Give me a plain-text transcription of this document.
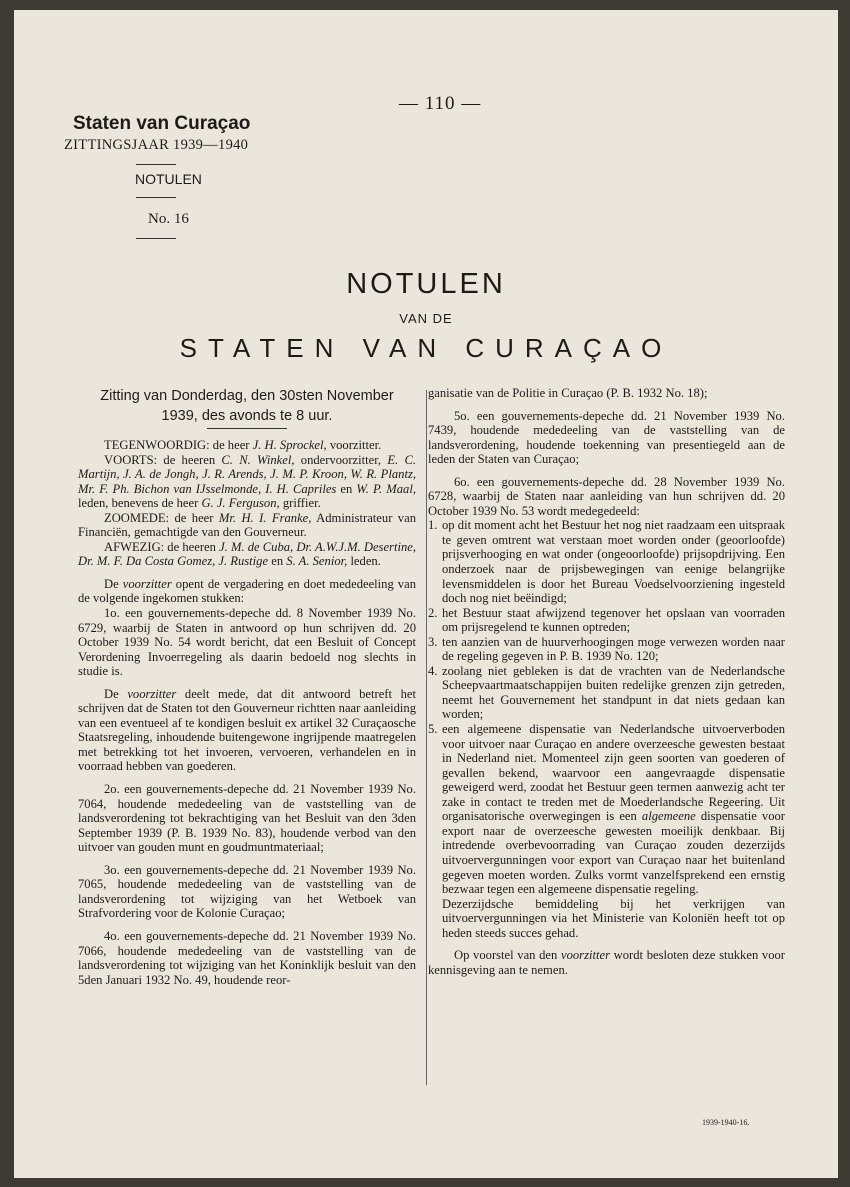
— 110 —
Staten van Curaçao
ZITTINGSJAAR 1939—1940
NOTULEN
No. 16
NOTULEN
VAN DE
STATEN VAN CURAÇAO
Zitting van Donderdag, den 30sten November
1939, des avonds te 8 uur.

TEGENWOORDIG: de heer J. H. Sprockel, voorzitter.

VOORTS: de heeren C. N. Winkel, ondervoorzitter, E. C. Martijn, J. A. de Jongh, J. R. Arends, J. M. P. Kroon, W. R. Plantz, Mr. F. Ph. Bichon van IJsselmonde, I. H. Capriles en W. P. Maal, leden, benevens de heer G. J. Ferguson, griffier.

ZOOMEDE: de heer Mr. H. I. Franke, Administrateur van Financiën, gemachtigde van den Gouverneur.

AFWEZIG: de heeren J. M. de Cuba, Dr. A.W.J.M. Desertine, Dr. M. F. Da Costa Gomez, J. Rustige en S. A. Senior, leden.

De voorzitter opent de vergadering en doet mededeeling van de volgende ingekomen stukken:

1o. een gouvernements-depeche dd. 8 November 1939 No. 6729, waarbij de Staten in antwoord op hun schrijven dd. 20 October 1939 No. 54 wordt bericht, dat een Besluit of Concept Verordening Invoerregeling als daarin bedoeld nog slechts in studie is.

De voorzitter deelt mede, dat dit antwoord betreft het schrijven dat de Staten tot den Gouverneur richtten naar aanleiding van een eventueel af te kondigen besluit ex artikel 32 Curaçaosche Staatsregeling, inhoudende buitengewone ingrijpende maatregelen met betrekking tot het invoeren, vervoeren, verhandelen en in voorraad hebben van goederen.

2o. een gouvernements-depeche dd. 21 November 1939 No. 7064, houdende mededeeling van de vaststelling van de landsverordening tot bekrachtiging van het Besluit van den 3den September 1939 (P. B. 1939 No. 83), houdende verbod van den uitvoer van gouden munt en goudmuntmateriaal;

3o. een gouvernements-depeche dd. 21 November 1939 No. 7065, houdende mededeeling van de vaststelling van de landsverordening tot wijziging van het Wetboek van Strafvordering voor de Kolonie Curaçao;

4o. een gouvernements-depeche dd. 21 November 1939 No. 7066, houdende mededeeling van de vaststelling van de landsverordening tot wijziging van het Koninklijk besluit van den 5den Januari 1932 No. 49, houdende reor-

ganisatie van de Politie in Curaçao (P. B. 1932 No. 18);

5o. een gouvernements-depeche dd. 21 November 1939 No. 7439, houdende mededeeling van de vaststelling van de landsverordening, houdende toekenning van presentiegeld aan de leden der Staten van Curaçao;

6o. een gouvernements-depeche dd. 28 November 1939 No. 6728, waarbij de Staten naar aanleiding van hun schrijven dd. 20 October 1939 No. 53 wordt medegedeeld:

1. op dit moment acht het Bestuur het nog niet raadzaam een uitspraak te geven omtrent wat verstaan moet worden onder (geoorloofde) prijsverhooging en wat onder (ongeoorloofde) prijsopdrijving. Een onderzoek naar de prijsbewegingen van eenige belangrijke levensmiddelen is door het Bureau Voedselvoorziening ingesteld doch nog niet beëindigd;
2. het Bestuur staat afwijzend tegenover het opslaan van voorraden om prijsregelend te kunnen optreden;
3. ten aanzien van de huurverhoogingen moge verwezen worden naar de regeling gegeven in P. B. 1939 No. 120;
4. zoolang niet gebleken is dat de vrachten van de Nederlandsche Scheepvaartmaatschappijen buiten redelijke grenzen zijn getreden, neemt het Gouvernement het standpunt in dat niets gedaan kan worden;
5. een algemeene dispensatie van Nederlandsche uitvoerverboden voor uitvoer naar Curaçao en andere overzeesche gewesten bestaat in Nederland niet. Momenteel zijn geen soorten van goederen of gevallen bekend, waarvoor een aangevraagde dispensatie geweigerd werd, zoodat het Bestuur geen termen aanwezig acht ter zake in contact te treden met de Moederlandsche Regeering. Uit organisatorische overwegingen is een algemeene dispensatie voor export naar de overzeesche gewesten moeilijk denkbaar. Bij intredende overbevoorrading van Curaçao zouden dezerzijds uitvoervergunningen voor export van Curaçao naar het buitenland gegeven moeten worden. Zulks vormt vanzelfsprekend een ernstig bezwaar tegen een algemeene dispensatie regeling.
Dezerzijdsche bemiddeling bij het verkrijgen van uitvoervergunningen via het Ministerie van Koloniën heeft tot op heden steeds succes gehad.

Op voorstel van den voorzitter wordt besloten deze stukken voor kennisgeving aan te nemen.

1939-1940-16.
